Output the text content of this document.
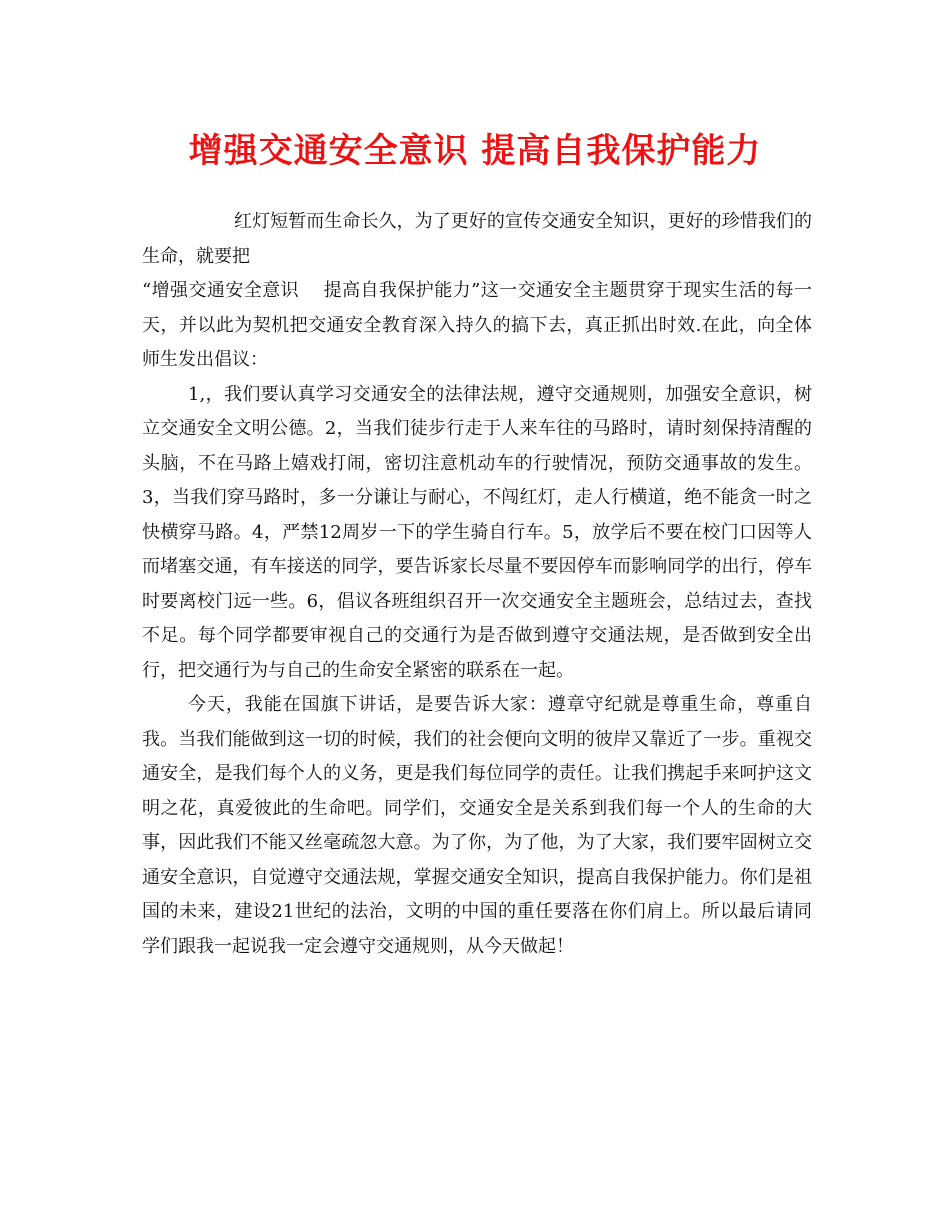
增强交通安全意识 提高自我保护能力

红灯短暂而生命长久，为了更好的宣传交通安全知识，更好的珍惜我们的生命，就要把

“增强交通安全意识　 提高自我保护能力”这一交通安全主题贯穿于现实生活的每一天，并以此为契机把交通安全教育深入持久的搞下去，真正抓出时效.在此，向全体师生发出倡议：

1,，我们要认真学习交通安全的法律法规，遵守交通规则，加强安全意识，树立交通安全文明公德。2，当我们徒步行走于人来车往的马路时，请时刻保持清醒的头脑，不在马路上嬉戏打闹，密切注意机动车的行驶情况，预防交通事故的发生。3，当我们穿马路时，多一分谦让与耐心，不闯红灯，走人行横道，绝不能贪一时之快横穿马路。4，严禁12周岁一下的学生骑自行车。5，放学后不要在校门口因等人而堵塞交通，有车接送的同学，要告诉家长尽量不要因停车而影响同学的出行，停车时要离校门远一些。6，倡议各班组织召开一次交通安全主题班会，总结过去，查找不足。每个同学都要审视自己的交通行为是否做到遵守交通法规，是否做到安全出行，把交通行为与自己的生命安全紧密的联系在一起。

今天，我能在国旗下讲话，是要告诉大家：遵章守纪就是尊重生命，尊重自我。当我们能做到这一切的时候，我们的社会便向文明的彼岸又靠近了一步。重视交通安全，是我们每个人的义务，更是我们每位同学的责任。让我们携起手来呵护这文明之花，真爱彼此的生命吧。同学们，交通安全是关系到我们每一个人的生命的大事，因此我们不能又丝毫疏忽大意。为了你，为了他，为了大家，我们要牢固树立交通安全意识，自觉遵守交通法规，掌握交通安全知识，提高自我保护能力。你们是祖国的未来，建设21世纪的法治，文明的中国的重任要落在你们肩上。所以最后请同学们跟我一起说我一定会遵守交通规则，从今天做起！
